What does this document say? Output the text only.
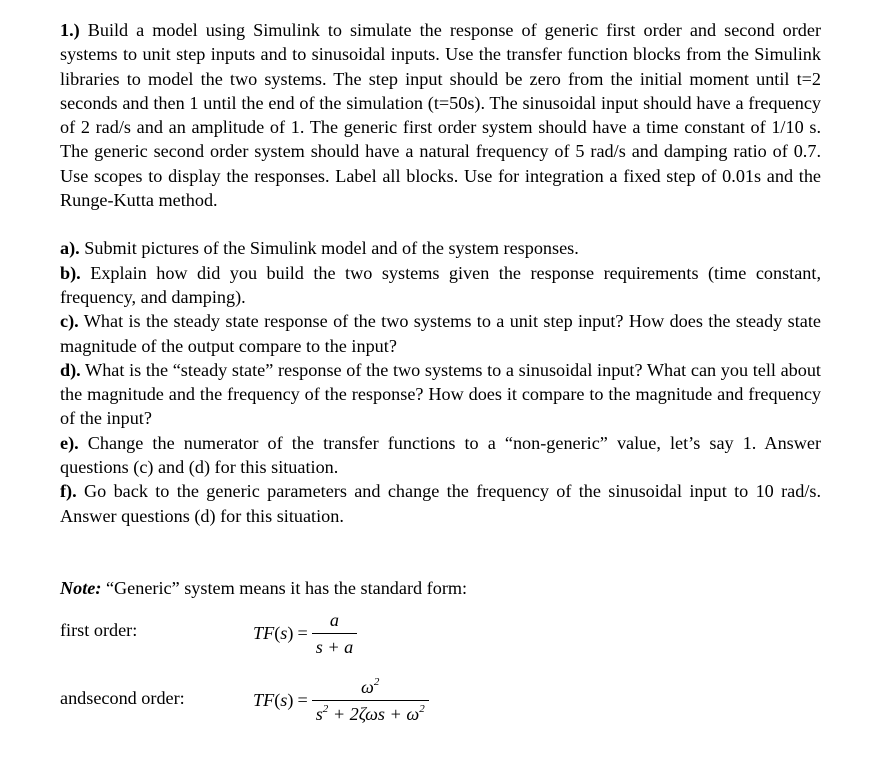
1.) Build a model using Simulink to simulate the response of generic first order and second order systems to unit step inputs and to sinusoidal inputs. Use the transfer function blocks from the Simulink libraries to model the two systems. The step input should be zero from the initial moment until t=2 seconds and then 1 until the end of the simulation (t=50s). The sinusoidal input should have a frequency of 2 rad/s and an amplitude of 1. The generic first order system should have a time constant of 1/10 s. The generic second order system should have a natural frequency of 5 rad/s and damping ratio of 0.7. Use scopes to display the responses. Label all blocks. Use for integration a fixed step of 0.01s and the Runge-Kutta method.

a). Submit pictures of the Simulink model and of the system responses.

b). Explain how did you build the two systems given the response requirements (time constant, frequency, and damping).

c). What is the steady state response of the two systems to a unit step input? How does the steady state magnitude of the output compare to the input?

d). What is the “steady state” response of the two systems to a sinusoidal input? What can you tell about the magnitude and the frequency of the response? How does it compare to the magnitude and frequency of the input?

e). Change the numerator of the transfer functions to a “non-generic” value, let’s say 1. Answer questions (c) and (d) for this situation.

f). Go back to the generic parameters and change the frequency of the sinusoidal input to 10 rad/s. Answer questions (d) for this situation.

Note: “Generic” system means it has the standard form:

first order:	$TF(s) = \frac{a}{s + a}$
andsecond order:	$TF(s) = \frac{\omega^2}{s^2 + 2\zeta\omega s + \omega^2}$
